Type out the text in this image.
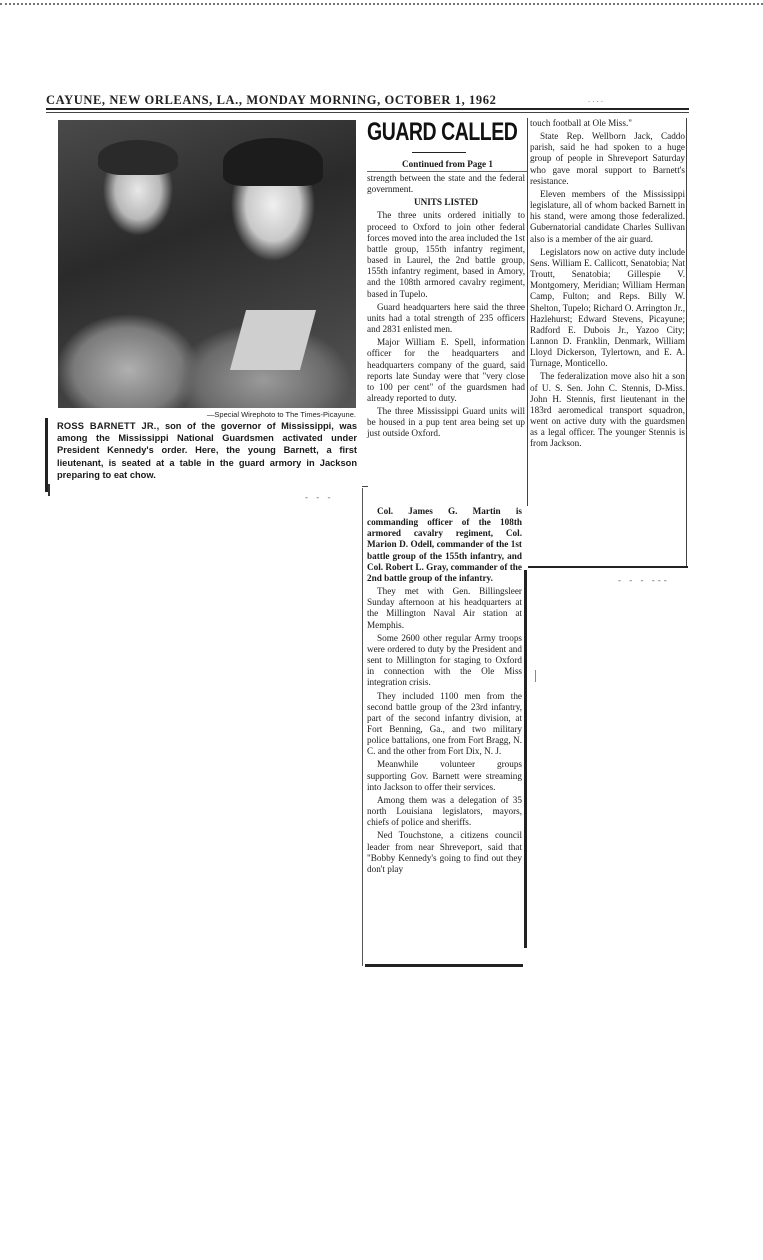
CAYUNE, NEW ORLEANS, LA., MONDAY MORNING, OCTOBER 1, 1962	....
—Special Wirephoto to The Times-Picayune.
ROSS BARNETT JR., son of the governor of Mississippi, was among the Mississippi National Guardsmen activated under President Kennedy's order. Here, the young Barnett, a first lieutenant, is seated at a table in the guard armory in Jackson preparing to eat chow.
- - -
GUARD CALLED
Continued from Page 1

strength between the state and the federal government.

UNITS LISTED

The three units ordered initially to proceed to Oxford to join other federal forces moved into the area included the 1st battle group, 155th infantry regiment, based in Laurel, the 2nd battle group, 155th infantry regiment, based in Amory, and the 108th armored cavalry regiment, based in Tupelo.

Guard headquarters here said the three units had a total strength of 235 officers and 2831 enlisted men.

Major William E. Spell, information officer for the headquarters and headquarters company of the guard, said reports late Sunday were that "very close to 100 per cent" of the guardsmen had already reported to duty.

The three Mississippi Guard units will be housed in a pup tent area being set up just outside Oxford.

Col. James G. Martin is commanding officer of the 108th armored cavalry regiment, Col. Marion D. Odell, commander of the 1st battle group of the 155th infantry, and Col. Robert L. Gray, commander of the 2nd battle group of the infantry.

They met with Gen. Billingsleer Sunday afternoon at his headquarters at the Millington Naval Air station at Memphis.

Some 2600 other regular Army troops were ordered to duty by the President and sent to Millington for staging to Oxford in connection with the Ole Miss integration crisis.

They included 1100 men from the second battle group of the 23rd infantry, part of the second infantry division, at Fort Benning, Ga., and two military police battalions, one from Fort Bragg, N. C. and the other from Fort Dix, N. J.

Meanwhile volunteer groups supporting Gov. Barnett were streaming into Jackson to offer their services.

Among them was a delegation of 35 north Louisiana legislators, mayors, chiefs of police and sheriffs.

Ned Touchstone, a citizens council leader from near Shreveport, said that "Bobby Kennedy's going to find out they don't play

touch football at Ole Miss."

State Rep. Wellborn Jack, Caddo parish, said he had spoken to a huge group of people in Shreveport Saturday who gave moral support to Barnett's resistance.

Eleven members of the Mississippi legislature, all of whom backed Barnett in his stand, were among those federalized. Gubernatorial candidate Charles Sullivan also is a member of the air guard.

Legislators now on active duty include Sens. William E. Callicott, Senatobia; Nat Troutt, Senatobia; Gillespie V. Montgomery, Meridian; William Herman Camp, Fulton; and Reps. Billy W. Shelton, Tupelo; Richard O. Arrington Jr., Hazlehurst; Edward Stevens, Picayune; Radford E. Dubois Jr., Yazoo City; Lannon D. Franklin, Denmark, William Lloyd Dickerson, Tylertown, and E. A. Turnage, Monticello.

The federalization move also hit a son of U. S. Sen. John C. Stennis, D-Miss. John H. Stennis, first lieutenant in the 183rd aeromedical transport squadron, went on active duty with the guardsmen as a legal officer. The younger Stennis is from Jackson.

- - - ---
